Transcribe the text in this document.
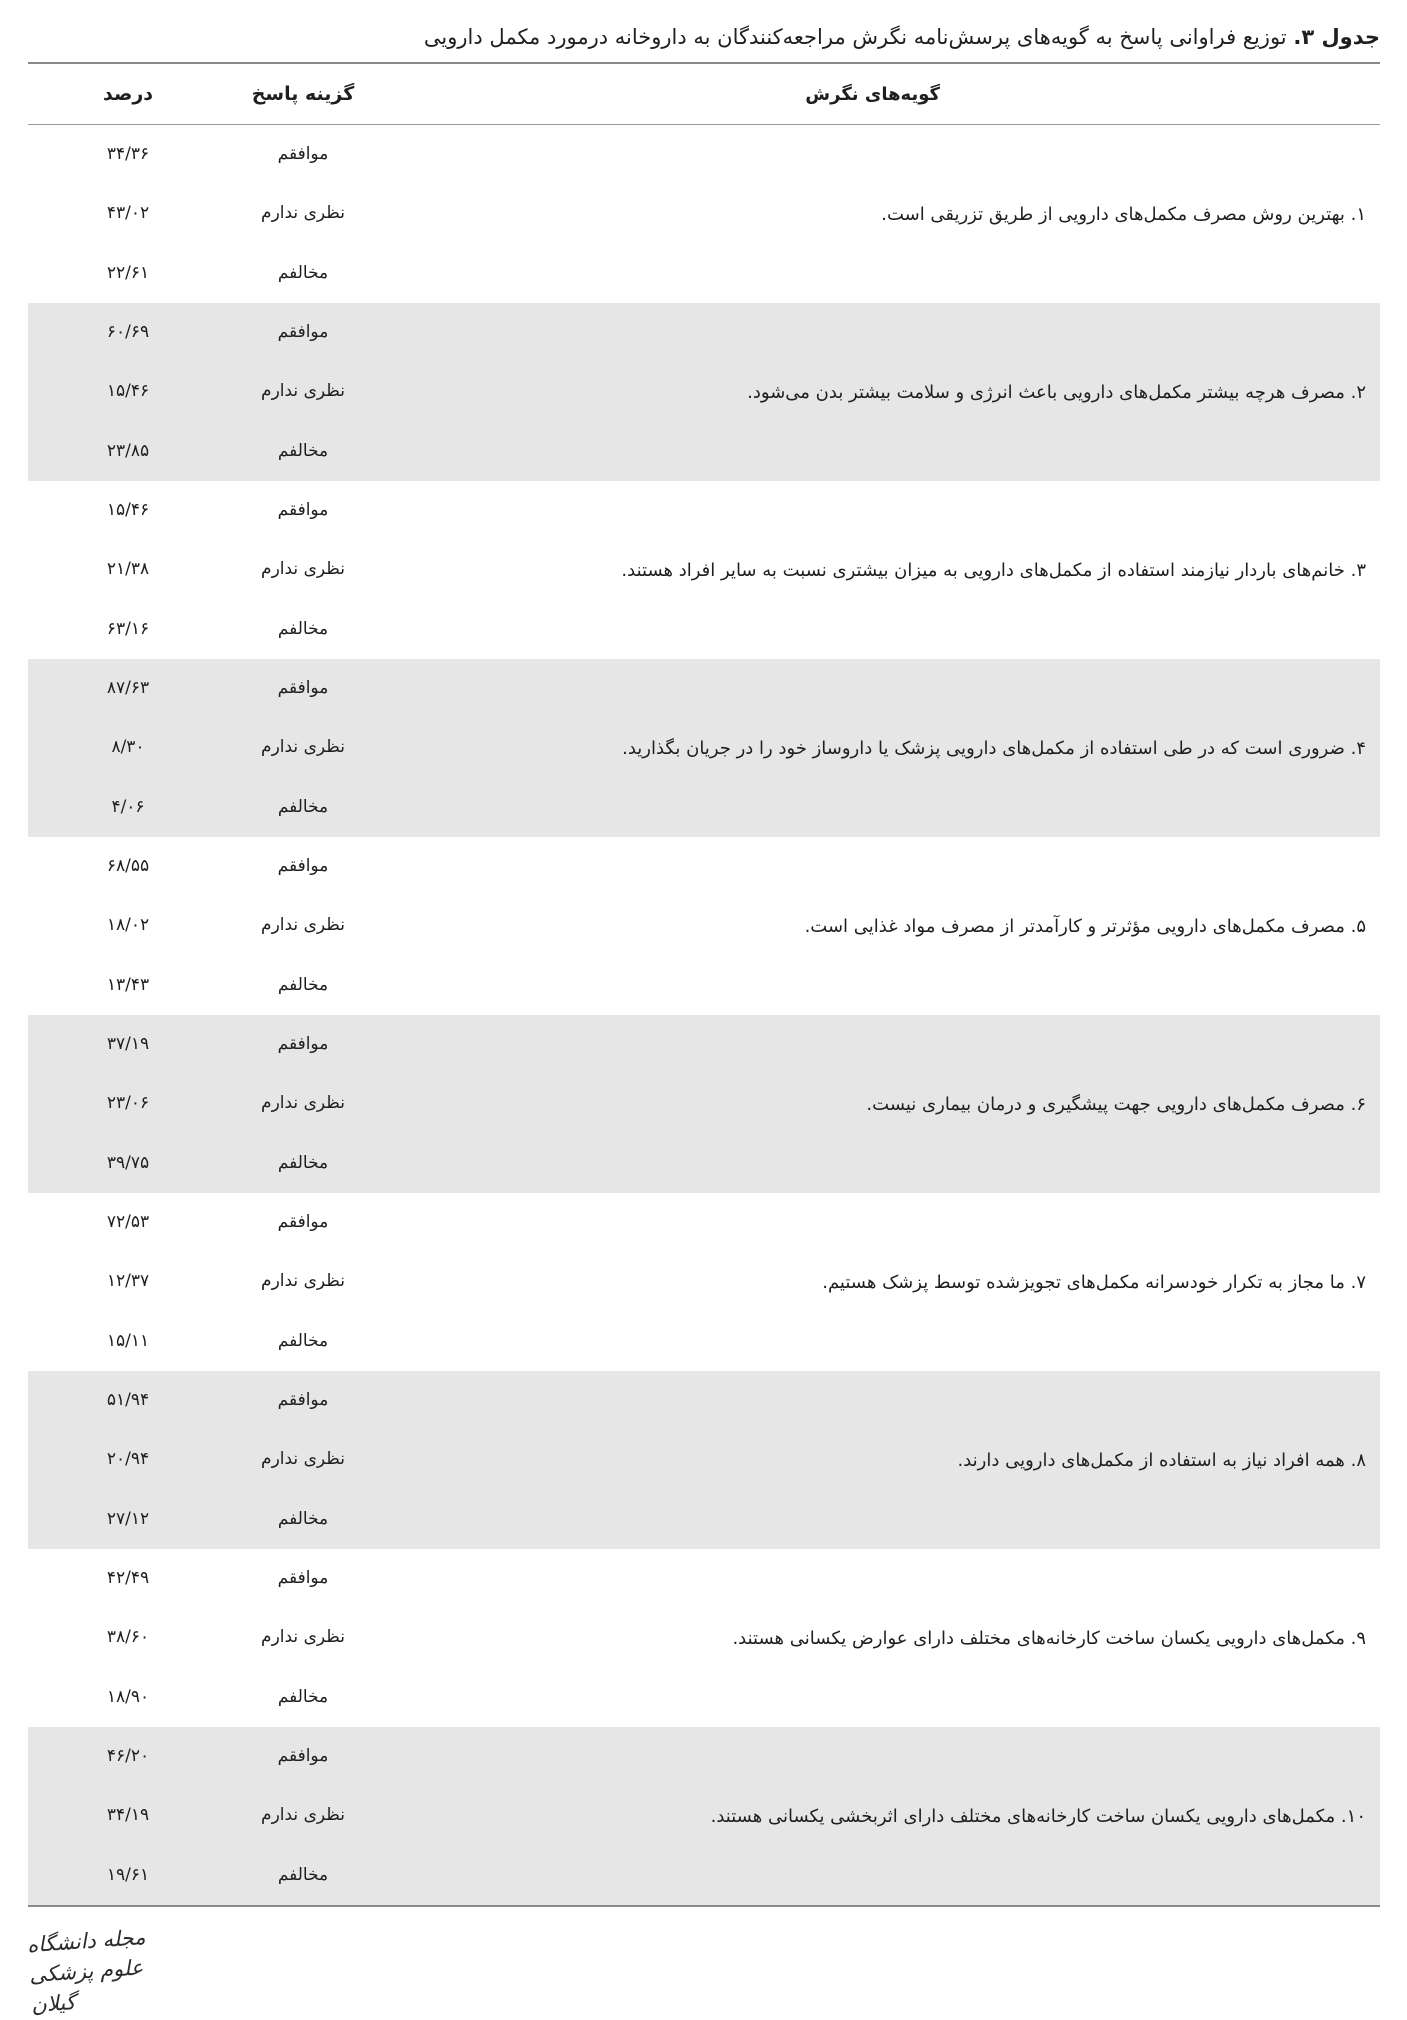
جدول ۳. توزیع فراوانی پاسخ به گویه‌های پرسش‌نامه نگرش مراجعه‌کنندگان به داروخانه درمورد مکمل دارویی
گویه‌های نگرش
گزینه پاسخ
درصد
۱. بهترین روش مصرف مکمل‌های دارویی از طریق تزریقی است.
موافقم
نظری ندارم
مخالفم
۳۴/۳۶
۴۳/۰۲
۲۲/۶۱
۲. مصرف هرچه بیشتر مکمل‌های دارویی باعث انرژی و سلامت بیشتر بدن می‌شود.
موافقم
نظری ندارم
مخالفم
۶۰/۶۹
۱۵/۴۶
۲۳/۸۵
۳. خانم‌های باردار نیازمند استفاده از مکمل‌های دارویی به میزان بیشتری نسبت به سایر افراد هستند.
موافقم
نظری ندارم
مخالفم
۱۵/۴۶
۲۱/۳۸
۶۳/۱۶
۴. ضروری است که در طی استفاده از مکمل‌های دارویی پزشک یا داروساز خود را در جریان بگذارید.
موافقم
نظری ندارم
مخالفم
۸۷/۶۳
۸/۳۰
۴/۰۶
۵. مصرف مکمل‌های دارویی مؤثرتر و کارآمدتر از مصرف مواد غذایی است.
موافقم
نظری ندارم
مخالفم
۶۸/۵۵
۱۸/۰۲
۱۳/۴۳
۶. مصرف مکمل‌های دارویی جهت پیشگیری و درمان بیماری نیست.
موافقم
نظری ندارم
مخالفم
۳۷/۱۹
۲۳/۰۶
۳۹/۷۵
۷. ما مجاز به تکرار خودسرانه مکمل‌های تجویزشده توسط پزشک هستیم.
موافقم
نظری ندارم
مخالفم
۷۲/۵۳
۱۲/۳۷
۱۵/۱۱
۸. همه افراد نیاز به استفاده از مکمل‌های دارویی دارند.
موافقم
نظری ندارم
مخالفم
۵۱/۹۴
۲۰/۹۴
۲۷/۱۲
۹. مکمل‌های دارویی یکسان ساخت کارخانه‌های مختلف دارای عوارض یکسانی هستند.
موافقم
نظری ندارم
مخالفم
۴۲/۴۹
۳۸/۶۰
۱۸/۹۰
۱۰. مکمل‌های دارویی یکسان ساخت کارخانه‌های مختلف دارای اثربخشی یکسانی هستند.
موافقم
نظری ندارم
مخالفم
۴۶/۲۰
۳۴/۱۹
۱۹/۶۱
مجله دانشگاه علوم پزشکی گیلان
